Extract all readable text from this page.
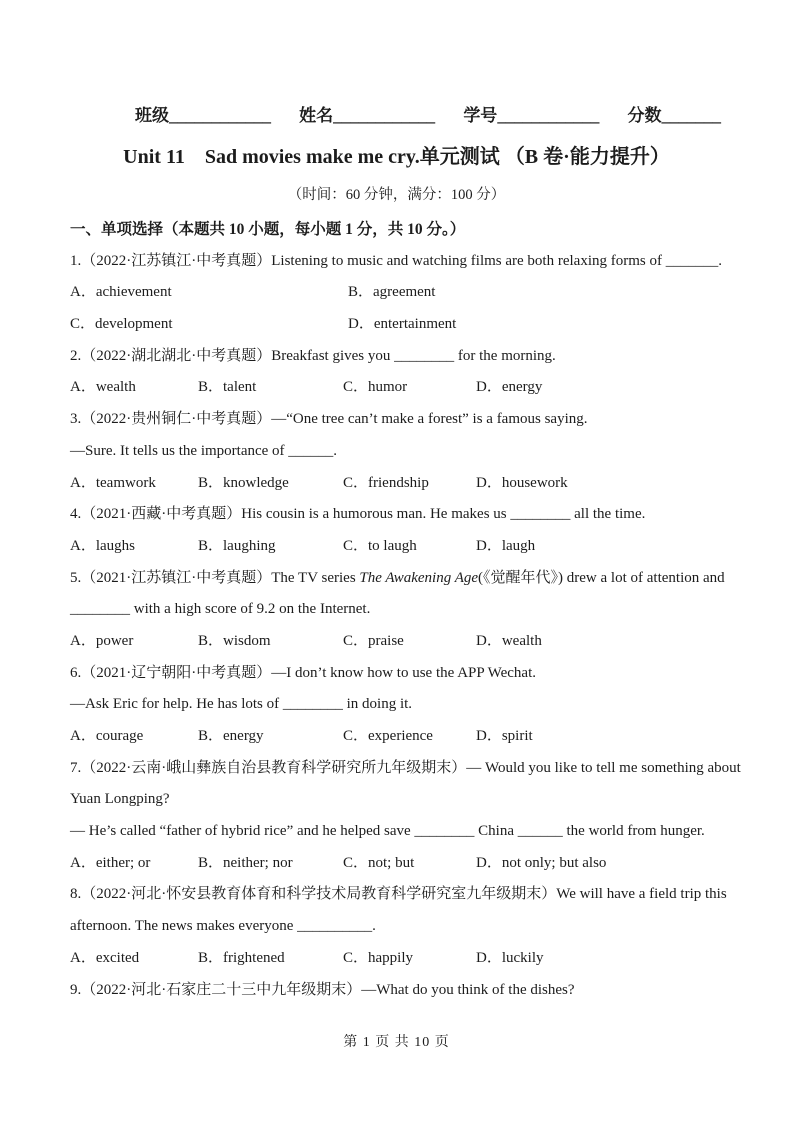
班级____________ 姓名____________ 学号____________ 分数_______
Unit 11　Sad movies make me cry.单元测试 （B 卷·能力提升）
（时间：60 分钟，满分：100 分）
一、单项选择（本题共 10 小题，每小题 1 分，共 10 分。）
1.（2022·江苏镇江·中考真题）Listening to music and watching films are both relaxing forms of _______.
A．achievement	B．agreement
C．development	D．entertainment
2.（2022·湖北湖北·中考真题）Breakfast gives you ________ for the morning.
A．wealth	B．talent	C．humor	D．energy
3.（2022·贵州铜仁·中考真题）—“One tree can’t make a forest” is a famous saying.
—Sure. It tells us the importance of ______.
A．teamwork	B．knowledge	C．friendship	D．housework
4.（2021·西藏·中考真题）His cousin is a humorous man. He makes us ________ all the time.
A．laughs	B．laughing	C．to laugh	D．laugh
5.（2021·江苏镇江·中考真题）The TV series The Awakening Age(《觉醒年代》) drew a lot of attention and
________ with a high score of 9.2 on the Internet.
A．power	B．wisdom	C．praise	D．wealth
6.（2021·辽宁朝阳·中考真题）—I don’t know how to use the APP Wechat.
—Ask Eric for help. He has lots of ________ in doing it.
A．courage	B．energy	C．experience	D．spirit
7.（2022·云南·峨山彝族自治县教育科学研究所九年级期末）— Would you like to tell me something about
Yuan Longping?
— He’s called “father of hybrid rice” and he helped save ________ China ______ the world from hunger.
A．either; or	B．neither; nor	C．not; but	D．not only; but also
8.（2022·河北·怀安县教育体育和科学技术局教育科学研究室九年级期末）We will have a field trip this
afternoon. The news makes everyone __________.
A．excited	B．frightened	C．happily	D．luckily
9.（2022·河北·石家庄二十三中九年级期末）—What do you think of the dishes?
第 1 页 共 10 页
